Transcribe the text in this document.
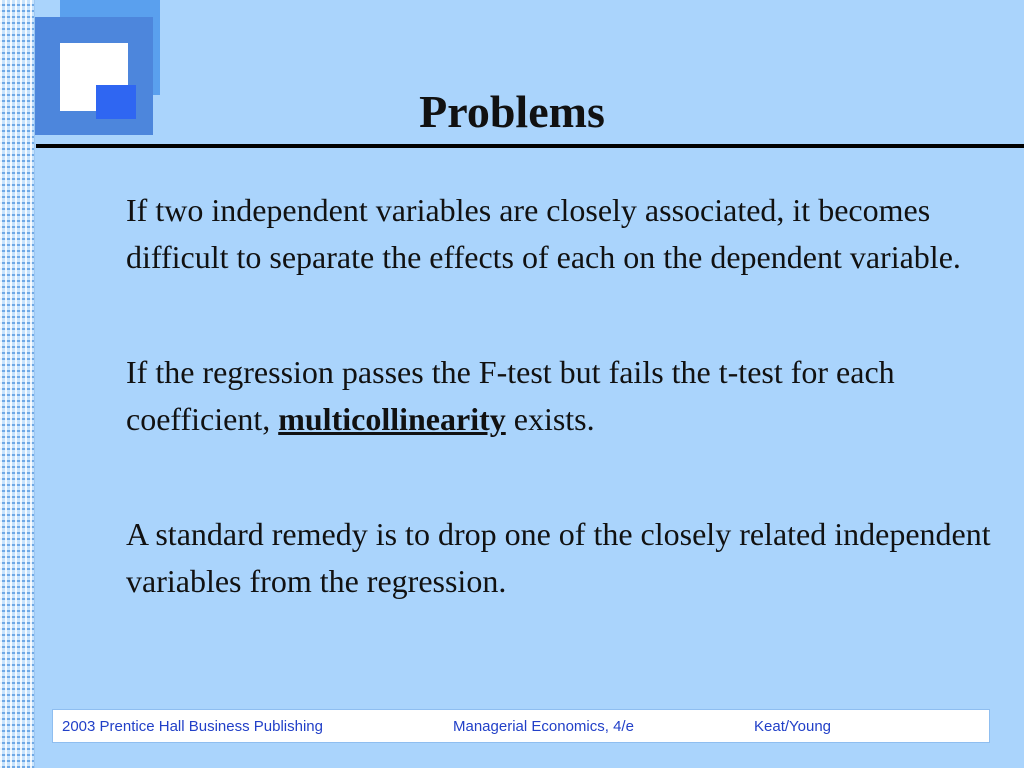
Problems

If two independent variables are closely associated, it becomes difficult to separate the effects of each on the dependent variable.

If the regression passes the F-test but fails the t-test for each coefficient, multicollinearity exists.

A standard remedy is to drop one of the closely related independent variables from the regression.

2003 Prentice Hall Business Publishing	Managerial Economics, 4/e	Keat/Young
